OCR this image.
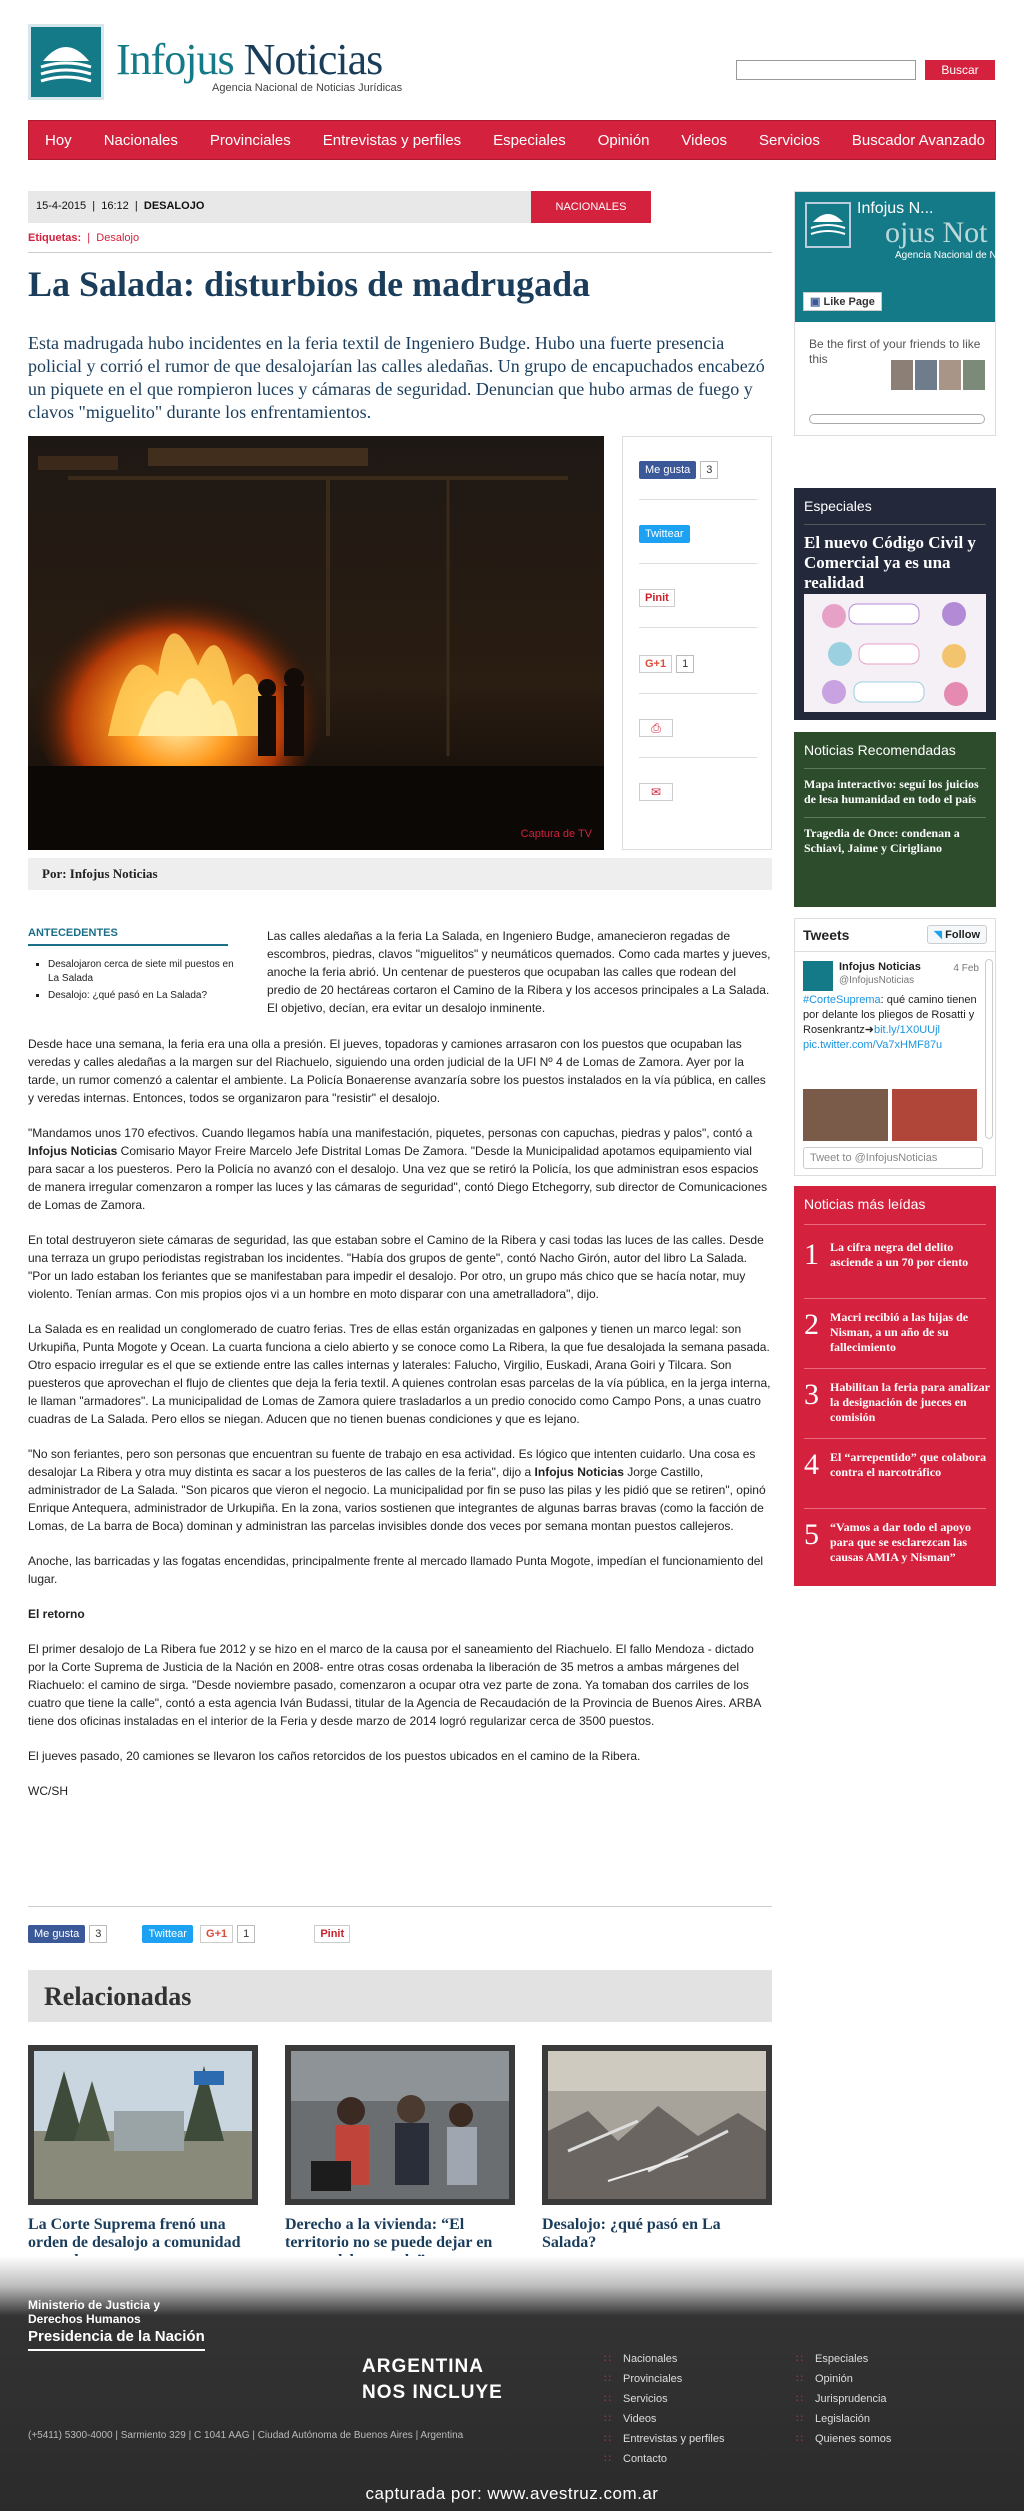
Infojus Noticias
Agencia Nacional de Noticias Jurídicas
Buscar
Hoy	Nacionales	Provinciales	Entrevistas y perfiles	Especiales	Opinión	Videos	Servicios	Buscador Avanzado
15-4-2015  |  16:12  |  DESALOJO	NACIONALES
Etiquetas:  |  Desalojo
La Salada: disturbios de madrugada
Esta madrugada hubo incidentes en la feria textil de Ingeniero Budge. Hubo una fuerte presencia policial y corrió el rumor de que desalojarían las calles aledañas. Un grupo de encapuchados encabezó un piquete en el que rompieron luces y cámaras de seguridad. Denuncian que hubo armas de fuego y clavos "miguelito" durante los enfrentamientos.
Captura de TV
Me gusta 3
Twittear
Pinit
G+1 1
⎙
✉
Por: Infojus Noticias
ANTECEDENTES
▪ Desalojaron cerca de siete mil puestos en La Salada
▪ Desalojo: ¿qué pasó en La Salada?

Las calles aledañas a la feria La Salada, en Ingeniero Budge, amanecieron regadas de escombros, piedras, clavos "miguelitos" y neumáticos quemados. Como cada martes y jueves, anoche la feria abrió. Un centenar de puesteros que ocupaban las calles que rodean del predio de 20 hectáreas cortaron el Camino de la Ribera y los accesos principales a La Salada. El objetivo, decían, era evitar un desalojo inminente.

Desde hace una semana, la feria era una olla a presión. El jueves, topadoras y camiones arrasaron con los puestos que ocupaban las veredas y calles aledañas a la margen sur del Riachuelo, siguiendo una orden judicial de la UFI Nº 4 de Lomas de Zamora. Ayer por la tarde, un rumor comenzó a calentar el ambiente. La Policía Bonaerense avanzaría sobre los puestos instalados en la vía pública, en calles y veredas internas. Entonces, todos se organizaron para "resistir" el desalojo.

"Mandamos unos 170 efectivos. Cuando llegamos había una manifestación, piquetes, personas con capuchas, piedras y palos", contó a Infojus Noticias Comisario Mayor Freire Marcelo Jefe Distrital Lomas De Zamora. "Desde la Municipalidad apotamos equipamiento vial para sacar a los puesteros. Pero la Policía no avanzó con el desalojo. Una vez que se retiró la Policía, los que administran esos espacios de manera irregular comenzaron a romper las luces y las cámaras de seguridad", contó Diego Etchegorry, sub director de Comunicaciones de Lomas de Zamora.

En total destruyeron siete cámaras de seguridad, las que estaban sobre el Camino de la Ribera y casi todas las luces de las calles. Desde una terraza un grupo periodistas registraban los incidentes. "Había dos grupos de gente", contó Nacho Girón, autor del libro La Salada. "Por un lado estaban los feriantes que se manifestaban para impedir el desalojo. Por otro, un grupo más chico que se hacía notar, muy violento. Tenían armas. Con mis propios ojos vi a un hombre en moto disparar con una ametralladora", dijo.

La Salada es en realidad un conglomerado de cuatro ferias. Tres de ellas están organizadas en galpones y tienen un marco legal: son Urkupiña, Punta Mogote y Ocean. La cuarta funciona a cielo abierto y se conoce como La Ribera, la que fue desalojada la semana pasada. Otro espacio irregular es el que se extiende entre las calles internas y laterales: Falucho, Virgilio, Euskadi, Arana Goiri y Tilcara. Son puesteros que aprovechan el flujo de clientes que deja la feria textil. A quienes controlan esas parcelas de la vía pública, en la jerga interna, le llaman "armadores". La municipalidad de Lomas de Zamora quiere trasladarlos a un predio conocido como Campo Pons, a unas cuatro cuadras de La Salada. Pero ellos se niegan. Aducen que no tienen buenas condiciones y que es lejano.

"No son feriantes, pero son personas que encuentran su fuente de trabajo en esa actividad. Es lógico que intenten cuidarlo. Una cosa es desalojar La Ribera y otra muy distinta es sacar a los puesteros de las calles de la feria", dijo a Infojus Noticias Jorge Castillo, administrador de La Salada. "Son picaros que vieron el negocio. La municipalidad por fin se puso las pilas y les pidió que se retiren", opinó Enrique Antequera, administrador de Urkupiña. En la zona, varios sostienen que integrantes de algunas barras bravas (como la facción de Lomas, de La barra de Boca) dominan y administran las parcelas invisibles donde dos veces por semana montan puestos callejeros.

Anoche, las barricadas y las fogatas encendidas, principalmente frente al mercado llamado Punta Mogote, impedían el funcionamiento del lugar.

El retorno

El primer desalojo de La Ribera fue 2012 y se hizo en el marco de la causa por el saneamiento del Riachuelo. El fallo Mendoza - dictado por la Corte Suprema de Justicia de la Nación en 2008- entre otras cosas ordenaba la liberación de 35 metros a ambas márgenes del Riachuelo: el camino de sirga. "Desde noviembre pasado, comenzaron a ocupar otra vez parte de zona. Ya tomaban dos carriles de los cuatro que tiene la calle", contó a esta agencia Iván Budassi, titular de la Agencia de Recaudación de la Provincia de Buenos Aires. ARBA tiene dos oficinas instaladas en el interior de la Feria y desde marzo de 2014 logró regularizar cerca de 3500 puestos.

El jueves pasado, 20 camiones se llevaron los caños retorcidos de los puestos ubicados en el camino de la Ribera.

WC/SH

Me gusta 3	Twittear G+1 1	Pinit
Relacionadas
La Corte Suprema frenó una orden de desalojo a comunidad
Derecho a la vivienda: “El territorio no se puede dejar en
Desalojo: ¿qué pasó en La Salada?
Infojus N...
ojus Not
Agencia Nacional de No
▣ Like Page
Be the first of your friends to like this
Especiales
El nuevo Código Civil y Comercial ya es una realidad
Noticias Recomendadas
Mapa interactivo: seguí los juicios de lesa humanidad en todo el país
Tragedia de Once: condenan a Schiavi, Jaime y Cirigliano
Tweets	◥ Follow
Infojus Noticias
@InfojusNoticias
4 Feb
#CorteSuprema: qué camino tienen por delante los pliegos de Rosatti y Rosenkrantz➜bit.ly/1X0UUjl pic.twitter.com/Va7xHMF87u
Tweet to @InfojusNoticias
Noticias más leídas
1 La cifra negra del delito asciende a un 70 por ciento
2 Macri recibió a las hijas de Nisman, a un año de su fallecimiento
3 Habilitan la feria para analizar la designación de jueces en comisión
4 El “arrepentido” que colabora contra el narcotráfico
5 “Vamos a dar todo el apoyo para que se esclarezcan las causas AMIA y Nisman”
Ministerio de Justicia y Derechos Humanos
Presidencia de la Nación
(+5411) 5300-4000 | Sarmiento 329 | C 1041 AAG | Ciudad Autónoma de Buenos Aires | Argentina
ARGENTINA
NOS INCLUYE
∷ Nacionales
∷ Provinciales
∷ Servicios
∷ Videos
∷ Entrevistas y perfiles
∷ Contacto
∷ Especiales
∷ Opinión
∷ Jurisprudencia
∷ Legislación
∷ Quienes somos
capturada por: www.avestruz.com.ar
